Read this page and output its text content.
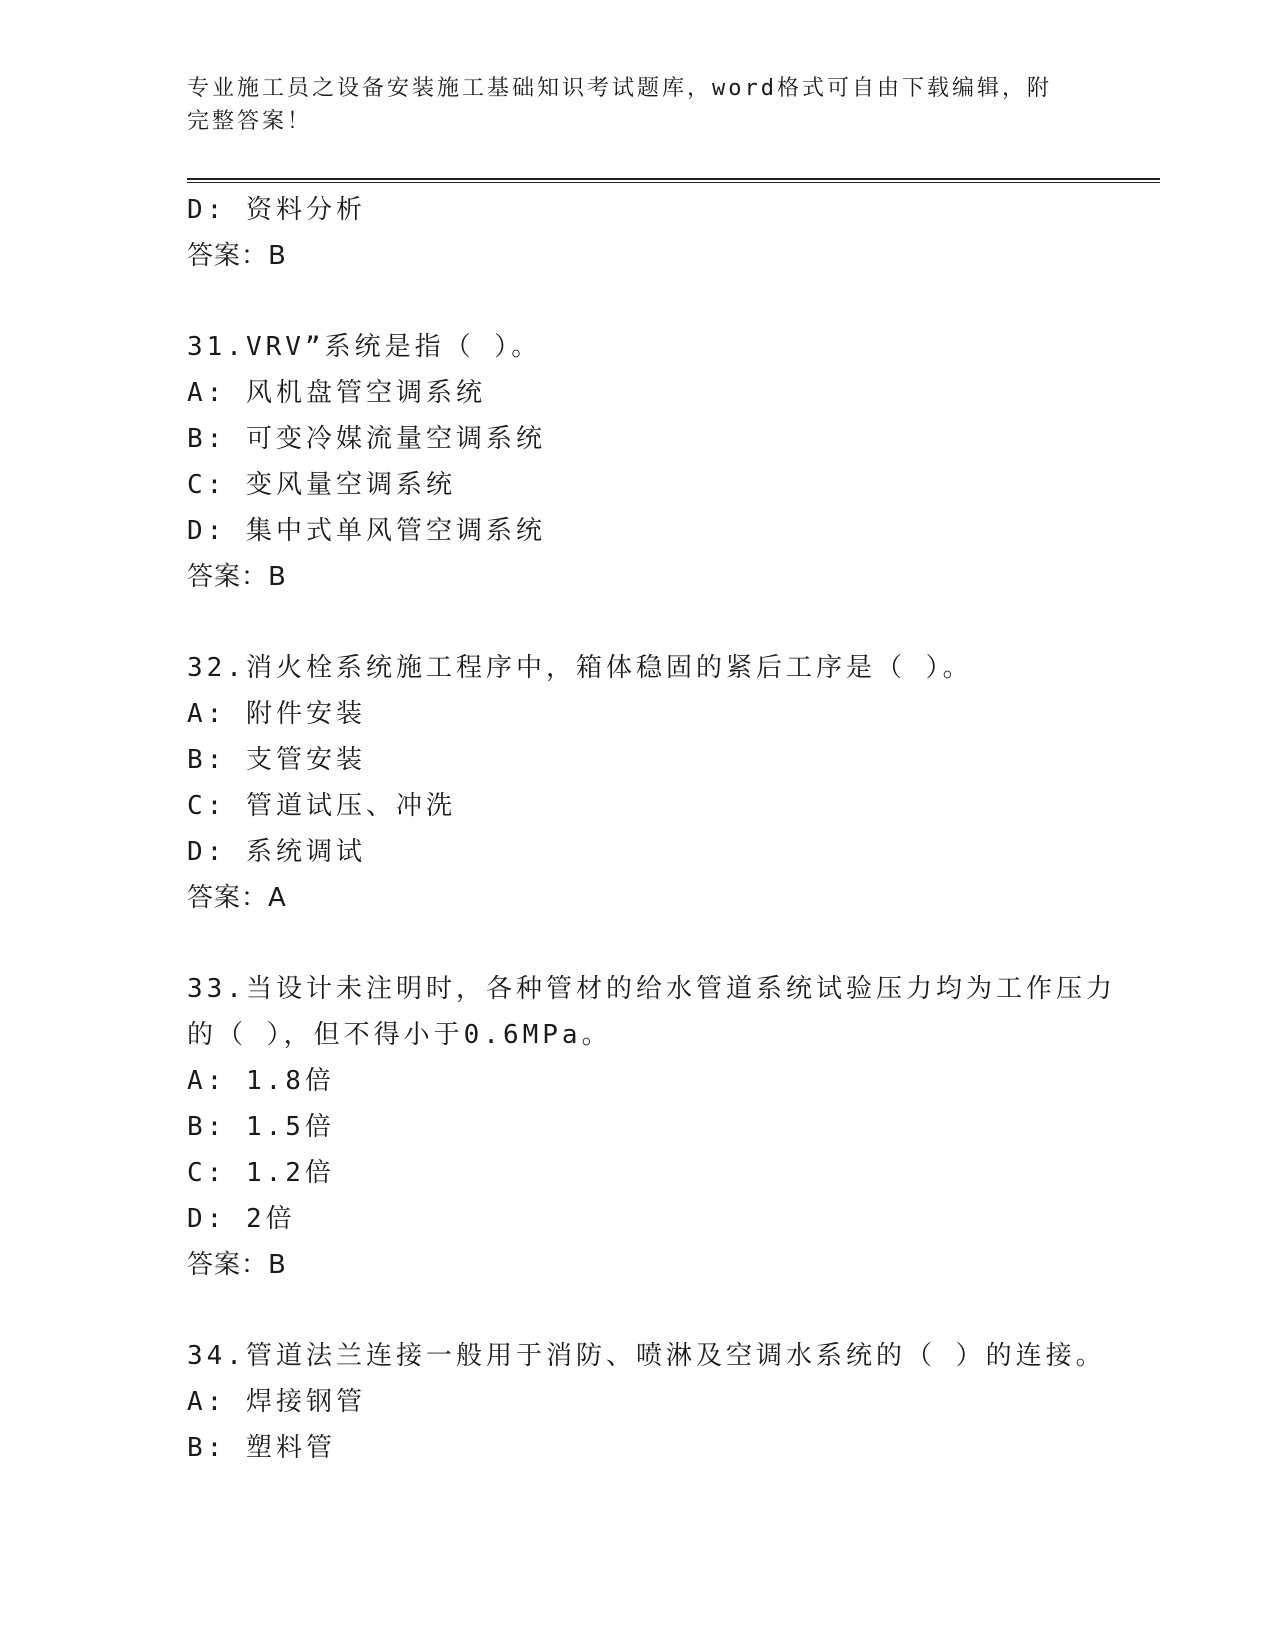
专业施工员之设备安装施工基础知识考试题库，word格式可自由下载编辑，附完整答案！
D: 资料分析
答案：B
31.VRV”系统是指（ ）。
A: 风机盘管空调系统
B: 可变冷媒流量空调系统
C: 变风量空调系统
D: 集中式单风管空调系统
答案：B
32.消火栓系统施工程序中，箱体稳固的紧后工序是（ ）。
A: 附件安装
B: 支管安装
C: 管道试压、冲洗
D: 系统调试
答案：A
33.当设计未注明时，各种管材的给水管道系统试验压力均为工作压力
的（ ），但不得小于0.6MPa。
A: 1.8倍
B: 1.5倍
C: 1.2倍
D: 2倍
答案：B
34.管道法兰连接一般用于消防、喷淋及空调水系统的（ ）的连接。
A: 焊接钢管
B: 塑料管
